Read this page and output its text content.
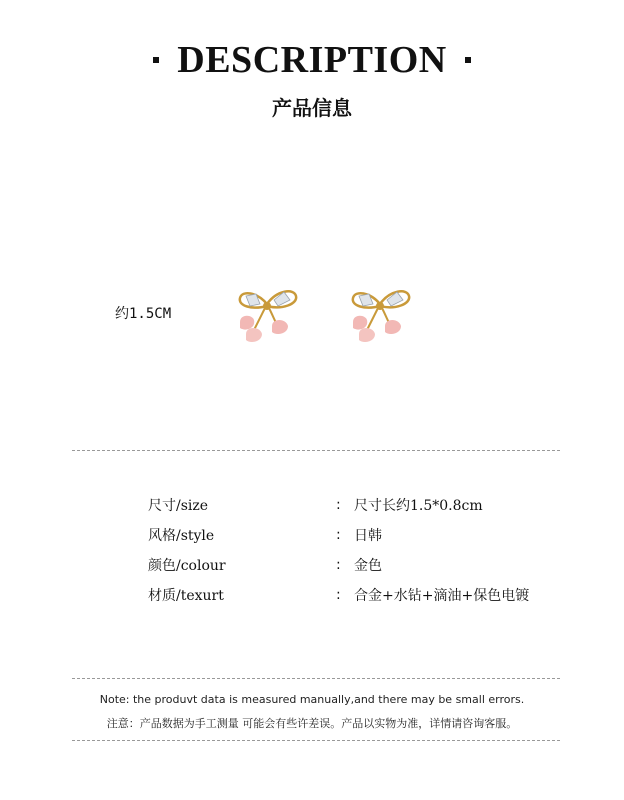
DESCRIPTION
产品信息
约1.5CM
尺寸/size	: 尺寸长约1.5*0.8cm
风格/style	: 日韩
颜色/colour	: 金色
材质/texurt	: 合金+水钻+滴油+保色电镀
Note: the produvt data is measured manually,and there may be small errors.
注意：产品数据为手工测量 可能会有些许差误。产品以实物为准，详情请咨询客服。
